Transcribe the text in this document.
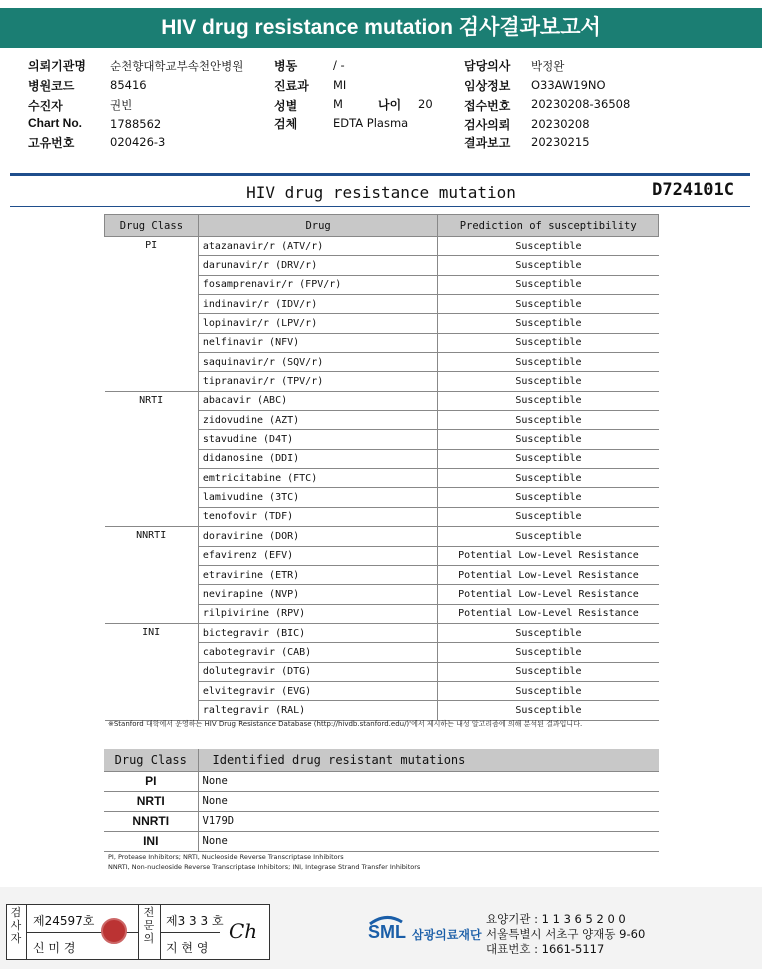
HIV drug resistance mutation 검사결과보고서
의뢰기관명 순천향대학교부속천안병원
병원코드	85416
수진자	권빈
Chart No. 1788562
고유번호	020426-3
병동	/ -
진료과 MI
성별	M	나이 20
검체	EDTA Plasma
담당의사 박정완
임상정보 O33AW19NO
접수번호 20230208-36508
검사의뢰 20230208
결과보고 20230215
HIV drug resistance mutation	D724101C
Drug Class	Drug	Prediction of susceptibility
PI	atazanavir/r (ATV/r)	Susceptible
	darunavir/r (DRV/r)	Susceptible
	fosamprenavir/r (FPV/r)	Susceptible
	indinavir/r (IDV/r)	Susceptible
	lopinavir/r (LPV/r)	Susceptible
	nelfinavir (NFV)	Susceptible
	saquinavir/r (SQV/r)	Susceptible
	tipranavir/r (TPV/r)	Susceptible
NRTI	abacavir (ABC)	Susceptible
	zidovudine (AZT)	Susceptible
	stavudine (D4T)	Susceptible
	didanosine (DDI)	Susceptible
	emtricitabine (FTC)	Susceptible
	lamivudine (3TC)	Susceptible
	tenofovir (TDF)	Susceptible
NNRTI	doravirine (DOR)	Susceptible
	efavirenz (EFV)	Potential Low-Level Resistance
	etravirine (ETR)	Potential Low-Level Resistance
	nevirapine (NVP)	Potential Low-Level Resistance
	rilpivirine (RPV)	Potential Low-Level Resistance
INI	bictegravir (BIC)	Susceptible
	cabotegravir (CAB)	Susceptible
	dolutegravir (DTG)	Susceptible
	elvitegravir (EVG)	Susceptible
	raltegravir (RAL)	Susceptible
※Stanford 대학에서 운영하는 HIV Drug Resistance Database (http://hivdb.stanford.edu/)'에서 제시하는 내성 알고리즘에 의해 분석된 결과입니다.
Drug Class	Identified drug resistant mutations
PI	None
NRTI	None
NNRTI	V179D
INI	None
PI, Protease Inhibitors; NRTI, Nucleoside Reverse Transcriptase Inhibitors
NNRTI, Non-nucleoside Reverse Transcriptase Inhibitors; INI, Integrase Strand Transfer Inhibitors
검
사
자
제24597호
신 미 경
전
문
의
제3 3 3 호
지 현 영
Ch	SML 삼광의료재단
요양기관 : 1 1 3 6 5 2 0 0
서울특별시 서초구 양재동 9-60
대표번호 : 1661-5117
